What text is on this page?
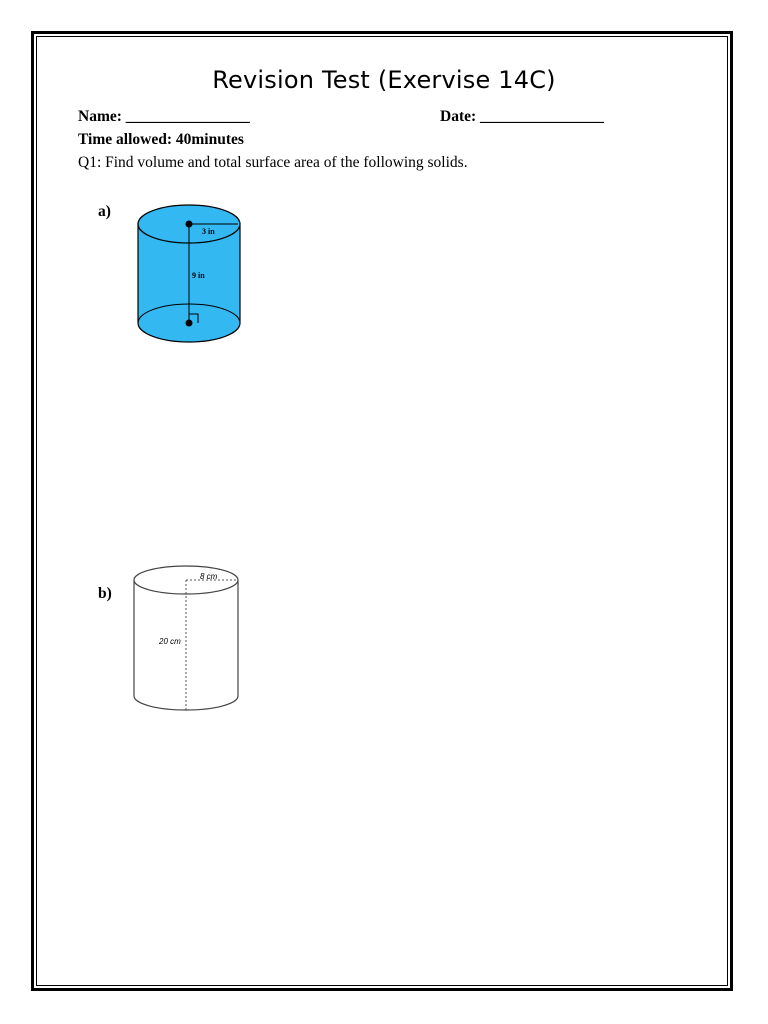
Revision Test (Exervise 14C)
Name: ________________	Date: ________________
Time allowed: 40minutes
Q1: Find volume and total surface area of the following solids.
a)
3 in
9 in
b)
8 cm
20 cm
